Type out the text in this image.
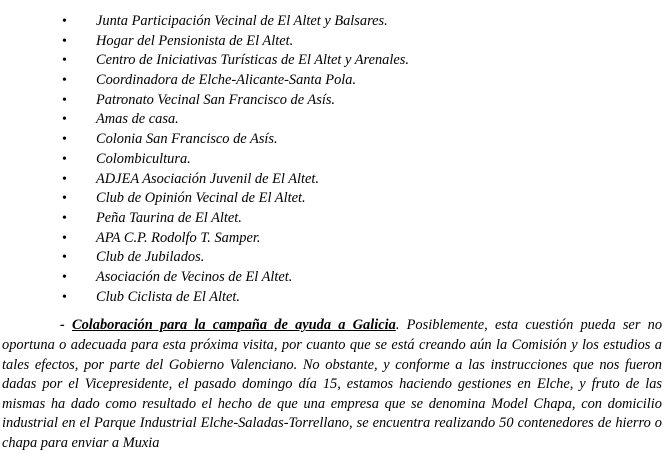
• Junta Participación Vecinal de El Altet y Balsares.
• Hogar del Pensionista de El Altet.
• Centro de Iniciativas Turísticas de El Altet y Arenales.
• Coordinadora de Elche-Alicante-Santa Pola.
• Patronato Vecinal San Francisco de Asís.
• Amas de casa.
• Colonia San Francisco de Asís.
• Colombicultura.
• ADJEA Asociación Juvenil de El Altet.
• Club de Opinión Vecinal de El Altet.
• Peña Taurina de El Altet.
• APA C.P. Rodolfo T. Samper.
• Club de Jubilados.
• Asociación de Vecinos de El Altet.
• Club Ciclista de El Altet.

- Colaboración para la campaña de ayuda a Galicia. Posiblemente, esta cuestión pueda ser no oportuna o adecuada para esta próxima visita, por cuanto que se está creando aún la Comisión y los estudios a tales efectos, por parte del Gobierno Valenciano. No obstante, y conforme a las instrucciones que nos fueron dadas por el Vicepresidente, el pasado domingo día 15, estamos haciendo gestiones en Elche, y fruto de las mismas ha dado como resultado el hecho de que una empresa que se denomina Model Chapa, con domicilio industrial en el Parque Industrial Elche-Saladas-Torrellano, se encuentra realizando 50 contenedores de hierro o chapa para enviar a Muxia
